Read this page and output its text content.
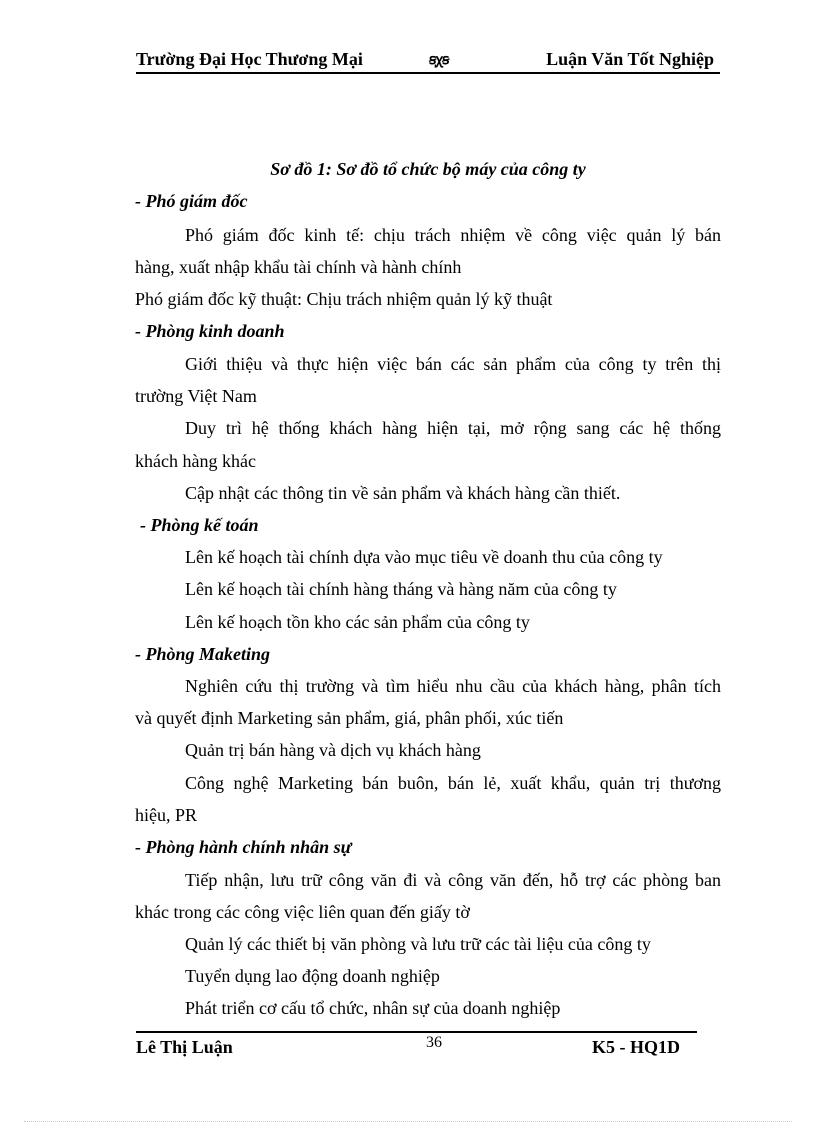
Trường Đại Học Thương Mại	ꞩꭕꞩ	Luận Văn Tốt Nghiệp
Sơ đồ 1: Sơ đồ tổ chức bộ máy của công ty
- Phó giám đốc
Phó giám đốc kinh tế: chịu trách nhiệm về công việc quản lý bán
hàng, xuất nhập khẩu tài chính và hành chính
Phó giám đốc kỹ thuật: Chịu trách nhiệm quản lý kỹ thuật
- Phòng kinh doanh
Giới thiệu và thực hiện việc bán các sản phẩm của công ty trên thị
trường Việt Nam
Duy trì hệ thống khách hàng hiện tại, mở rộng sang các hệ thống
khách hàng khác
Cập nhật các thông tin về sản phẩm và khách hàng cần thiết.
- Phòng kế toán
Lên kế hoạch tài chính dựa vào mục tiêu về doanh thu của công ty
Lên kế hoạch tài chính hàng tháng và hàng năm của công ty
Lên kế hoạch tồn kho các sản phẩm của công ty
- Phòng Maketing
Nghiên cứu thị trường và tìm hiểu nhu cầu của khách hàng, phân tích
và quyết định Marketing sản phẩm, giá, phân phối, xúc tiến
Quản trị bán hàng và dịch vụ khách hàng
Công nghệ Marketing bán buôn, bán lẻ, xuất khẩu, quản trị thương
hiệu, PR
- Phòng hành chính nhân sự
Tiếp nhận, lưu trữ công văn đi và công văn đến, hỗ trợ các phòng ban
khác trong các công việc liên quan đến giấy tờ
Quản lý các thiết bị văn phòng và lưu trữ các tài liệu của công ty
Tuyển dụng lao động doanh nghiệp
Phát triển cơ cấu tổ chức, nhân sự của doanh nghiệp
Lê Thị Luận	36	K5 - HQ1D
